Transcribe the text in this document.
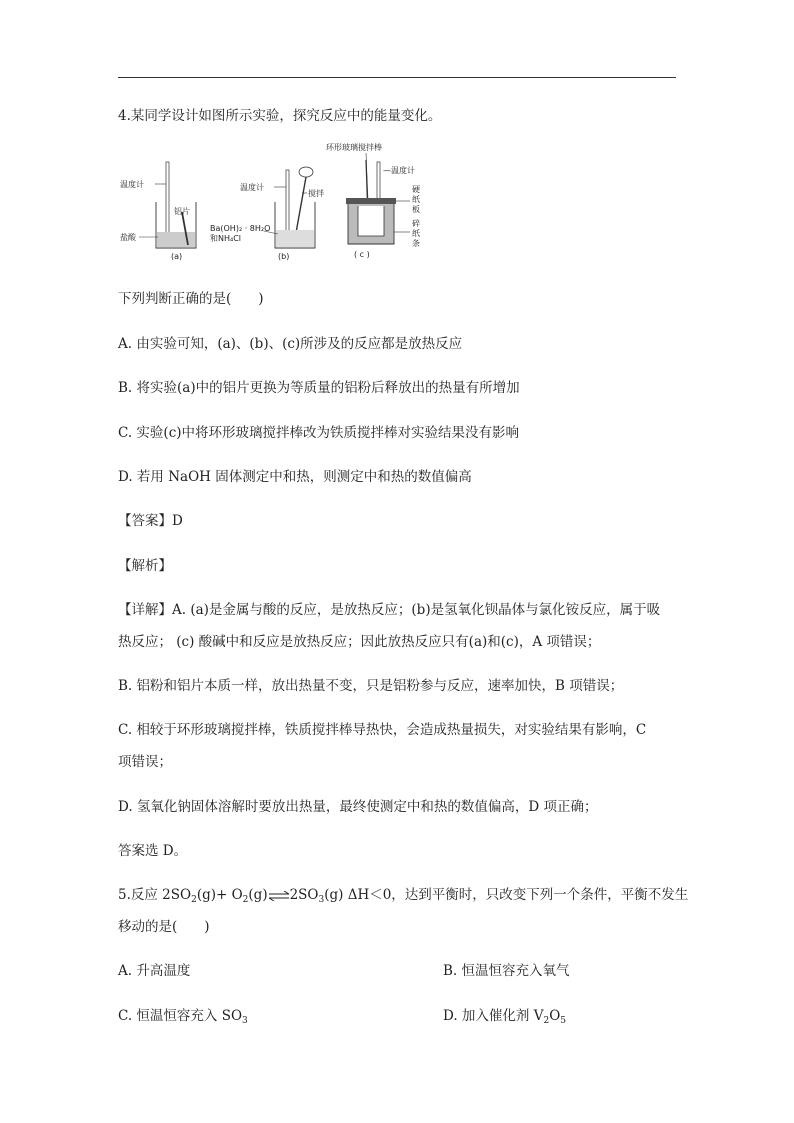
4.某同学设计如图所示实验，探究反应中的能量变化。
温度计
铝片
盐酸
(a)
温度计
搅拌
Ba(OH)₂ · 8H₂O
和NH₄Cl
(b)
环形玻璃搅拌棒
—温度计
硬
纸
板
碎
纸
条
( c )
下列判断正确的是(　　)
A. 由实验可知，(a)、(b)、(c)所涉及的反应都是放热反应
B. 将实验(a)中的铝片更换为等质量的铝粉后释放出的热量有所增加
C. 实验(c)中将环形玻璃搅拌棒改为铁质搅拌棒对实验结果没有影响
D. 若用 NaOH 固体测定中和热，则测定中和热的数值偏高
【答案】D
【解析】
【详解】A. (a)是金属与酸的反应，是放热反应；(b)是氢氧化钡晶体与氯化铵反应，属于吸
热反应； (c) 酸碱中和反应是放热反应；因此放热反应只有(a)和(c)，A 项错误；
B. 铝粉和铝片本质一样，放出热量不变，只是铝粉参与反应，速率加快，B 项错误；
C. 相较于环形玻璃搅拌棒，铁质搅拌棒导热快，会造成热量损失，对实验结果有影响，C
项错误；
D. 氢氧化钠固体溶解时要放出热量，最终使测定中和热的数值偏高，D 项正确；
答案选 D。
5.反应 $2SO_2(g)+$ $O_2(g)\rightleftharpoons 2SO_3(g)$ ΔH＜0，达到平衡时，只改变下列一个条件，平衡不发生
移动的是(　　)
A. 升高温度	B. 恒温恒容充入氧气
C. 恒温恒容充入 $SO_3$	D. 加入催化剂 $V_2O_5$
